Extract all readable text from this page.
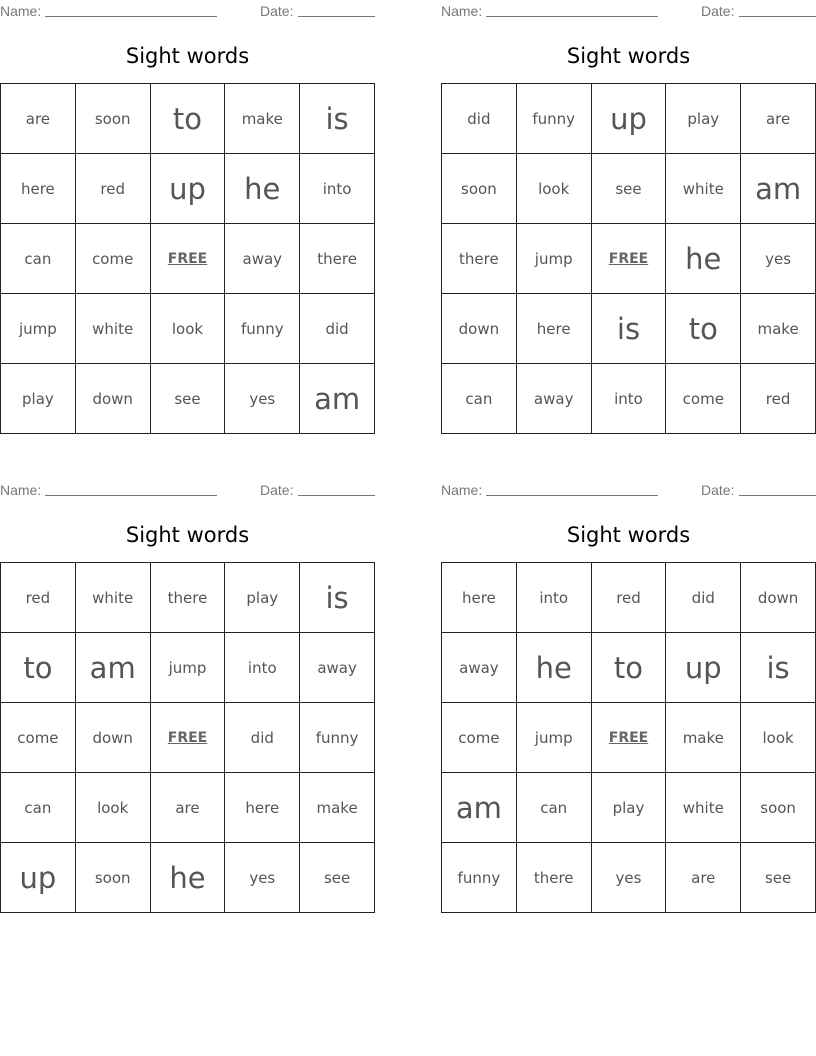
Name:	Date:
Sight words
are	soon	to	make	is
here	red	up	he	into
can	come	FREE	away	there
jump	white	look	funny	did
play	down	see	yes	am
Name:	Date:
Sight words
did	funny	up	play	are
soon	look	see	white	am
there	jump	FREE	he	yes
down	here	is	to	make
can	away	into	come	red
Name:	Date:
Sight words
red	white	there	play	is
to	am	jump	into	away
come	down	FREE	did	funny
can	look	are	here	make
up	soon	he	yes	see
Name:	Date:
Sight words
here	into	red	did	down
away	he	to	up	is
come	jump	FREE	make	look
am	can	play	white	soon
funny	there	yes	are	see
